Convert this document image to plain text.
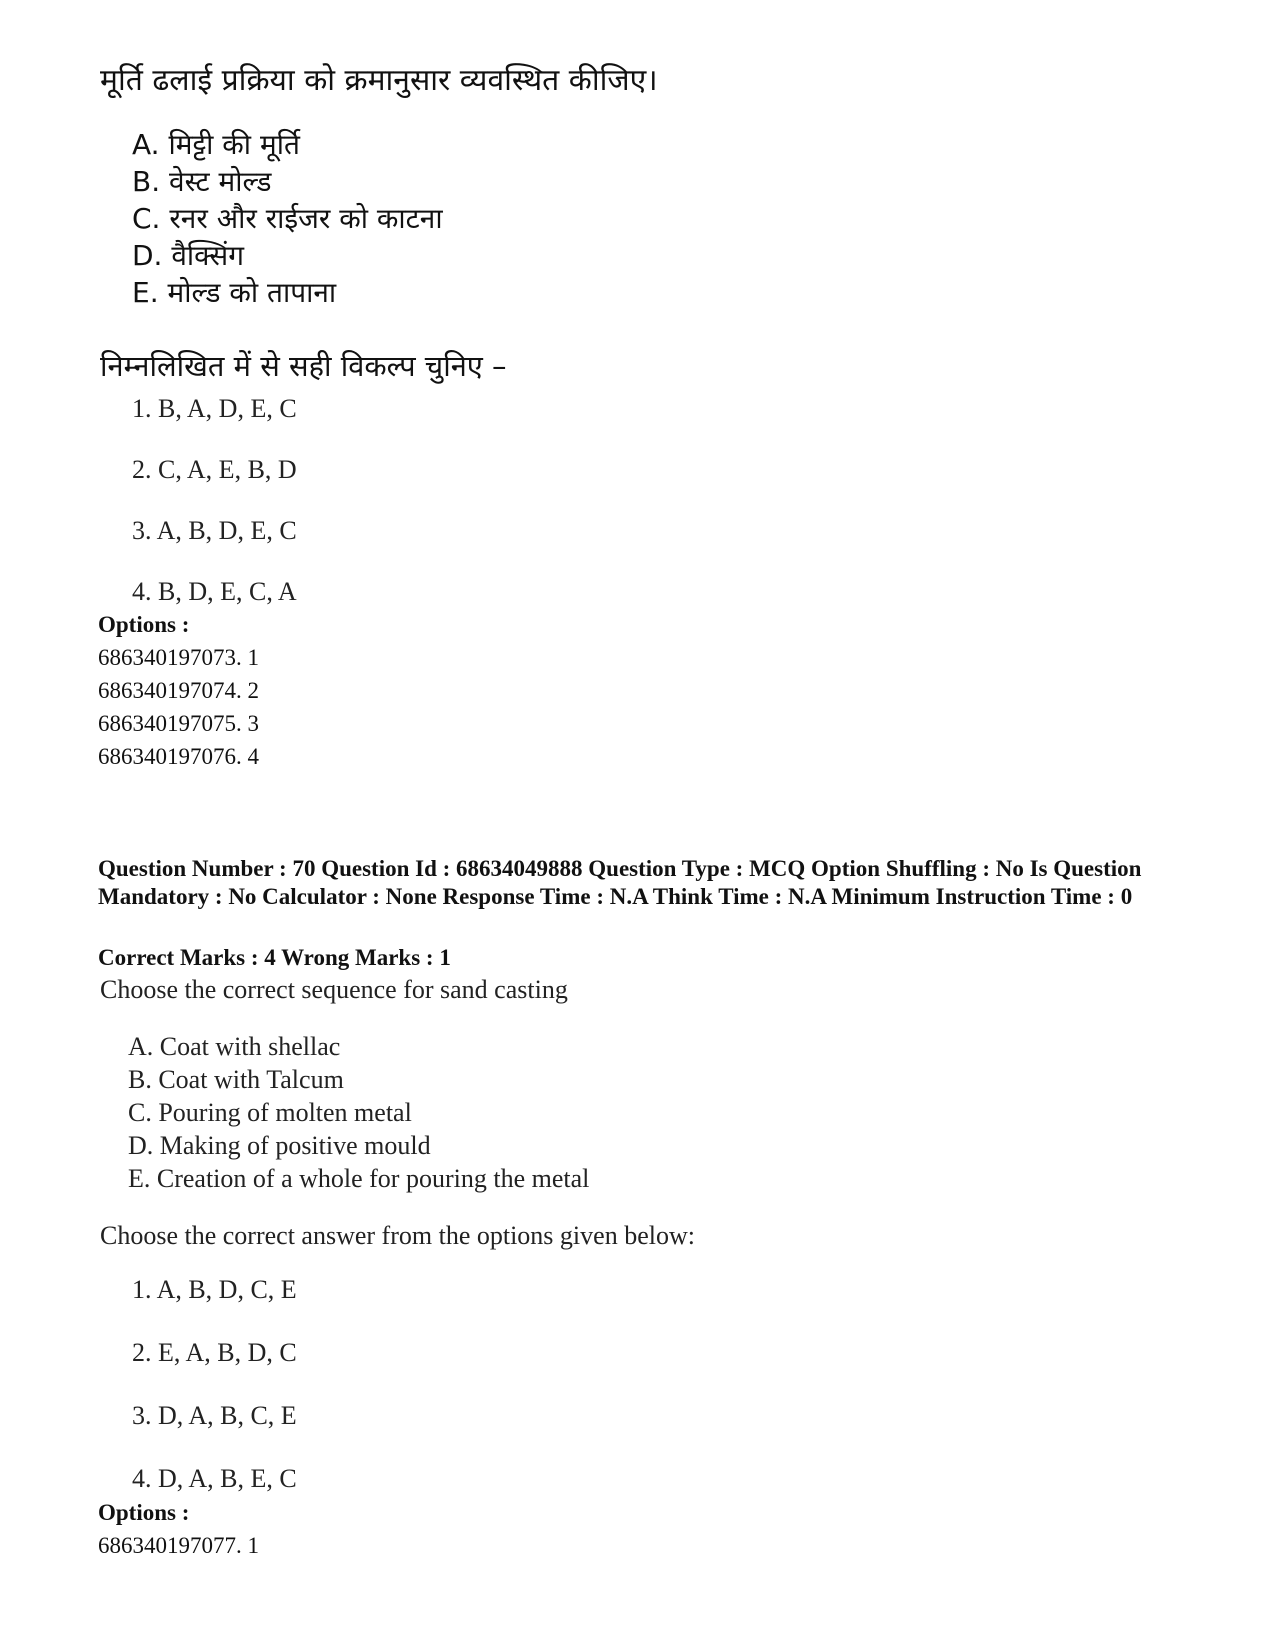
मूर्ति ढलाई प्रक्रिया को क्रमानुसार व्यवस्थित कीजिए।
A. मिट्टी की मूर्ति
B. वेस्ट मोल्ड
C. रनर और राईजर को काटना
D. वैक्सिंग
E. मोल्ड को तापाना
निम्नलिखित में से सही विकल्प चुनिए –
1. B, A, D, E, C
2. C, A, E, B, D
3. A, B, D, E, C
4. B, D, E, C, A
Options :
686340197073. 1
686340197074. 2
686340197075. 3
686340197076. 4
Question Number : 70 Question Id : 68634049888 Question Type : MCQ Option Shuffling : No Is Question Mandatory : No Calculator : None Response Time : N.A Think Time : N.A Minimum Instruction Time : 0
Correct Marks : 4 Wrong Marks : 1
Choose the correct sequence for sand casting
A. Coat with shellac
B. Coat with Talcum
C. Pouring of molten metal
D. Making of positive mould
E. Creation of a whole for pouring the metal
Choose the correct answer from the options given below:
1. A, B, D, C, E
2. E, A, B, D, C
3. D, A, B, C, E
4. D, A, B, E, C
Options :
686340197077. 1
